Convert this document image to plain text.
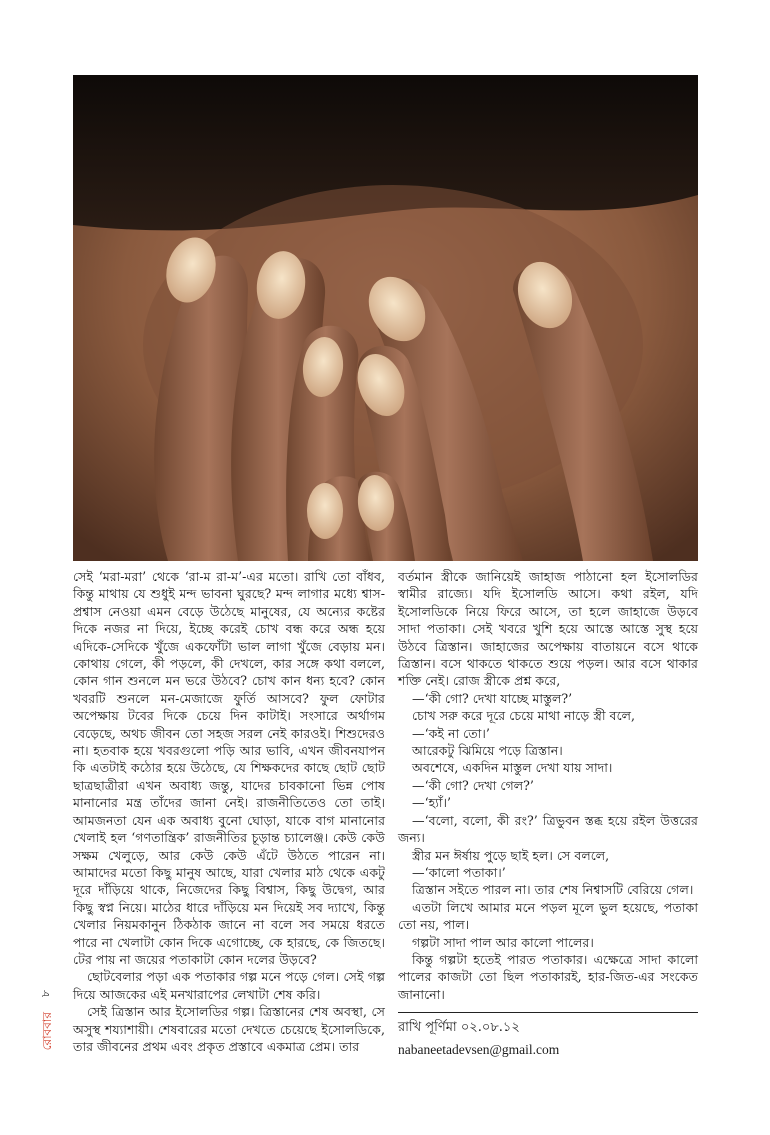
সেই ‘মরা-মরা’ থেকে ‘রা-ম রা-ম’-এর মতো। রাখি তো বাঁধব, কিন্তু মাথায় যে শুধুই মন্দ ভাবনা ঘুরছে? মন্দ লাগার মধ্যে শ্বাস-প্রশ্বাস নেওয়া এমন বেড়ে উঠেছে মানুষের, যে অন্যের কষ্টের দিকে নজর না দিয়ে, ইচ্ছে করেই চোখ বন্ধ করে অন্ধ হয়ে এদিকে-সেদিকে খুঁজে একফোঁটা ভাল লাগা খুঁজে বেড়ায় মন। কোথায় গেলে, কী পড়লে, কী দেখলে, কার সঙ্গে কথা বললে, কোন গান শুনলে মন ভরে উঠবে? চোখ কান ধন্য হবে? কোন খবরটি শুনলে মন-মেজাজে ফুর্তি আসবে? ফুল ফোটার অপেক্ষায় টবের দিকে চেয়ে দিন কাটাই। সংসারে অর্থাগম বেড়েছে, অথচ জীবন তো সহজ সরল নেই কারওই। শিশুদেরও না। হতবাক হয়ে খবরগুলো পড়ি আর ভাবি, এখন জীবনযাপন কি এতটাই কঠোর হয়ে উঠেছে, যে শিক্ষকদের কাছে ছোট ছোট ছাত্রছাত্রীরা এখন অবাধ্য জন্তু, যাদের চাবকানো ভিন্ন পোষ মানানোর মন্ত্র তাঁদের জানা নেই। রাজনীতিতেও তো তাই। আমজনতা যেন এক অবাধ্য বুনো ঘোড়া, যাকে বাগ মানানোর খেলাই হল ‘গণতান্ত্রিক’ রাজনীতির চূড়ান্ত চ্যালেঞ্জ। কেউ কেউ সক্ষম খেলুড়ে, আর কেউ কেউ এঁটে উঠতে পারেন না। আমাদের মতো কিছু মানুষ আছে, যারা খেলার মাঠ থেকে একটু দূরে দাঁড়িয়ে থাকে, নিজেদের কিছু বিশ্বাস, কিছু উদ্বেগ, আর কিছু স্বপ্ন নিয়ে। মাঠের ধারে দাঁড়িয়ে মন দিয়েই সব দ্যাখে, কিন্তু খেলার নিয়মকানুন ঠিকঠাক জানে না বলে সব সময়ে ধরতে পারে না খেলাটা কোন দিকে এগোচ্ছে, কে হারছে, কে জিতছে। টের পায় না জয়ের পতাকাটা কোন দলের উড়বে?

ছোটবেলার পড়া এক পতাকার গল্প মনে পড়ে গেল। সেই গল্প দিয়ে আজকের এই মনখারাপের লেখাটা শেষ করি।

সেই ত্রিস্তান আর ইসোলডির গল্প। ত্রিস্তানের শেষ অবস্থা, সে অসুস্থ শয্যাশায়ী। শেষবারের মতো দেখতে চেয়েছে ইসোলডিকে, তার জীবনের প্রথম এবং প্রকৃত প্রস্তাবে একমাত্র প্রেম। তার

বর্তমান স্ত্রীকে জানিয়েই জাহাজ পাঠানো হল ইসোলডির স্বামীর রাজ্যে। যদি ইসোলডি আসে। কথা রইল, যদি ইসোলডিকে নিয়ে ফিরে আসে, তা হলে জাহাজে উড়বে সাদা পতাকা। সেই খবরে খুশি হয়ে আস্তে আস্তে সুস্থ হয়ে উঠবে ত্রিস্তান। জাহাজের অপেক্ষায় বাতায়নে বসে থাকে ত্রিস্তান। বসে থাকতে থাকতে শুয়ে পড়ল। আর বসে থাকার শক্তি নেই। রোজ স্ত্রীকে প্রশ্ন করে,

—‘কী গো? দেখা যাচ্ছে মাস্তুল?’

চোখ সরু করে দূরে চেয়ে মাথা নাড়ে স্ত্রী বলে,

—‘কই না তো।’

আরেকটু ঝিমিয়ে পড়ে ত্রিস্তান।

অবশেষে, একদিন মাস্তুল দেখা যায় সাদা।

—‘কী গো? দেখা গেল?’

—‘হ্যাঁ।’

—‘বলো, বলো, কী রং?’ ত্রিভুবন স্তব্ধ হয়ে রইল উত্তরের জন্য।

স্ত্রীর মন ঈর্ষায় পুড়ে ছাই হল। সে বললে,

—‘কালো পতাকা।’

ত্রিস্তান সইতে পারল না। তার শেষ নিশ্বাসটি বেরিয়ে গেল।

এতটা লিখে আমার মনে পড়ল মূলে ভুল হয়েছে, পতাকা তো নয়, পাল।

গল্পটা সাদা পাল আর কালো পালের।

কিন্তু গল্পটা হতেই পারত পতাকার। এক্ষেত্রে সাদা কালো পালের কাজটা তো ছিল পতাকারই, হার-জিত-এর সংকেত জানানো।

রাখি পূর্ণিমা ০২.০৮.১২
nabaneetadevsen@gmail.com
৮
রোববার
